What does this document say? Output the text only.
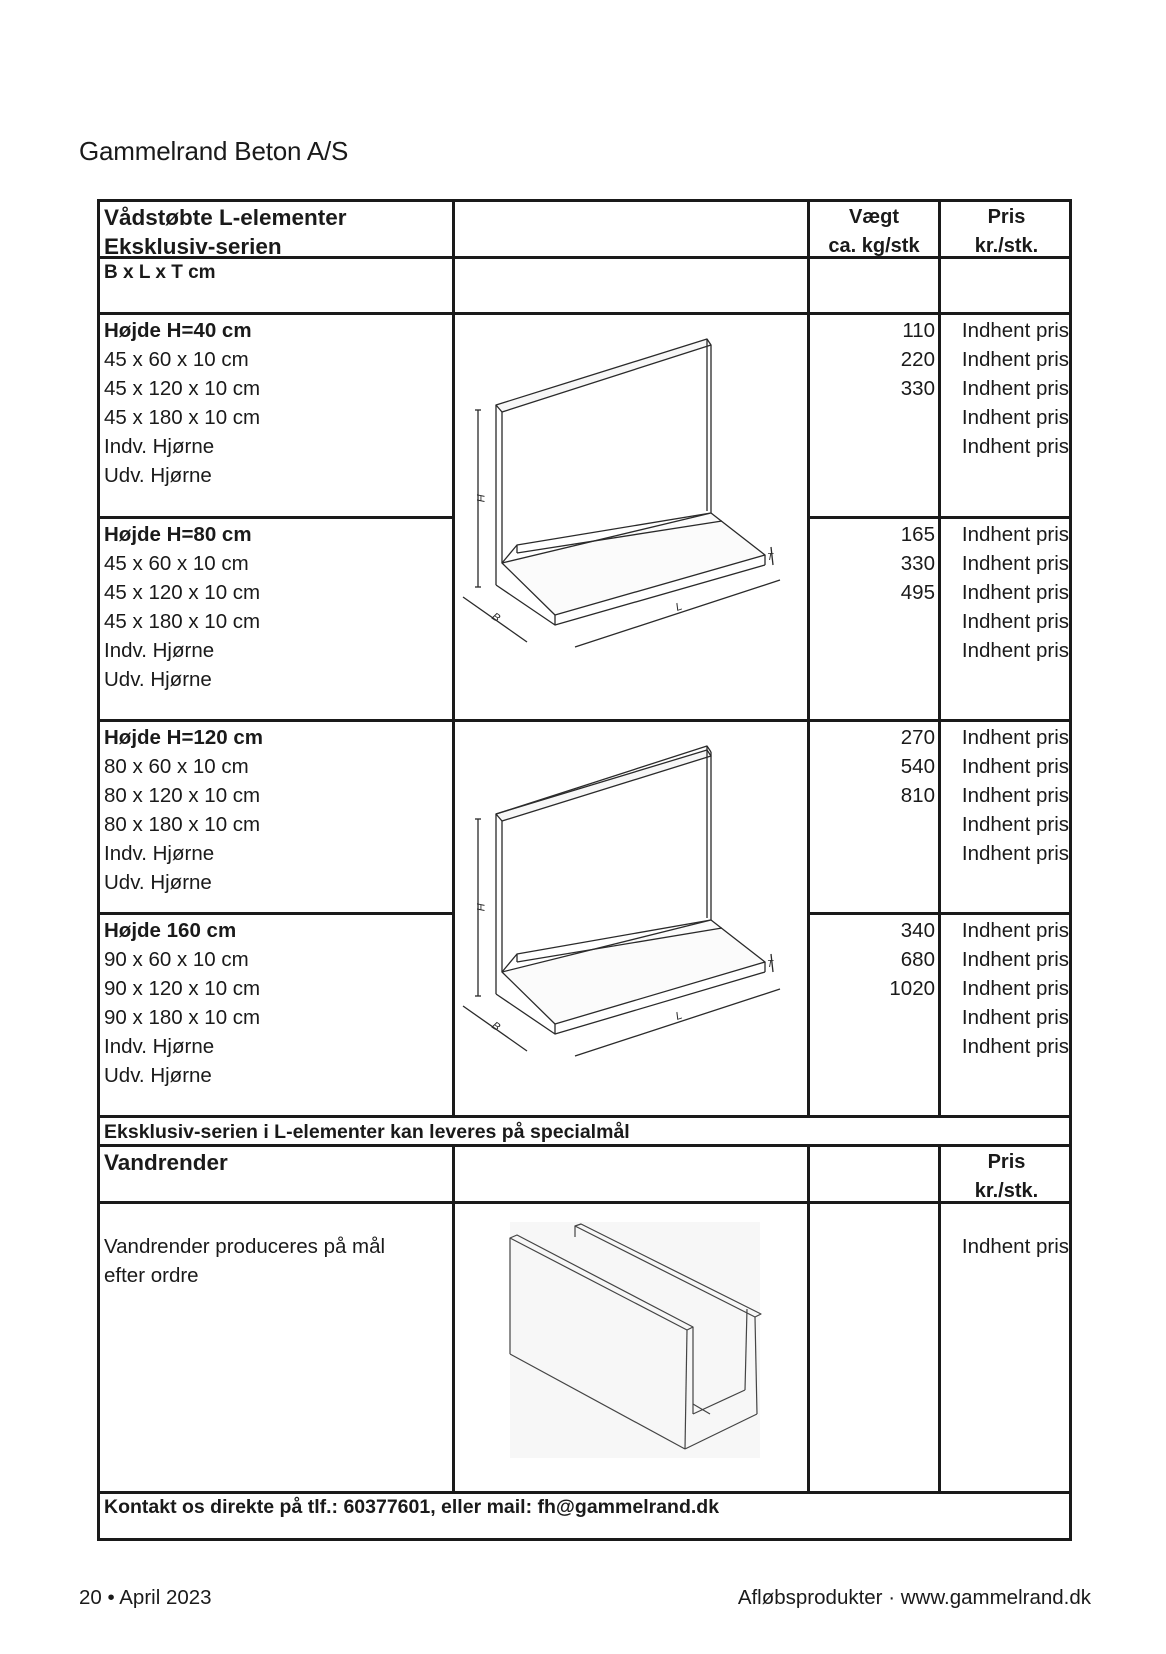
Gammelrand Beton A/S
Vådstøbte L-elementer
Eksklusiv-serien
Vægt
ca. kg/stk
Pris
kr./stk.
B x L x T cm
Højde H=40 cm
45 x 60 x 10 cm
45 x 120 x 10 cm
45 x 180 x 10 cm
Indv. Hjørne
Udv. Hjørne
110
220
330
Indhent pris
Indhent pris
Indhent pris
Indhent pris
Indhent pris
Højde H=80 cm
45 x 60 x 10 cm
45 x 120 x 10 cm
45 x 180 x 10 cm
Indv. Hjørne
Udv. Hjørne
165
330
495
Indhent pris
Indhent pris
Indhent pris
Indhent pris
Indhent pris
H
B
L
T
Højde H=120 cm
80 x 60 x 10 cm
80 x 120 x 10 cm
80 x 180 x 10 cm
Indv. Hjørne
Udv. Hjørne
270
540
810
Indhent pris
Indhent pris
Indhent pris
Indhent pris
Indhent pris
Højde 160 cm
90 x 60 x 10 cm
90 x 120 x 10 cm
90 x 180 x 10 cm
Indv. Hjørne
Udv. Hjørne
340
680
1020
Indhent pris
Indhent pris
Indhent pris
Indhent pris
Indhent pris
H
B
L
T
Eksklusiv-serien i L-elementer kan leveres på specialmål
Vandrender	Pris
kr./stk.
Vandrender produceres på mål
efter ordre
Indhent pris
Kontakt os direkte på tlf.: 60377601, eller mail: fh@gammelrand.dk
20 • April 2023	Afløbsprodukter · www.gammelrand.dk
